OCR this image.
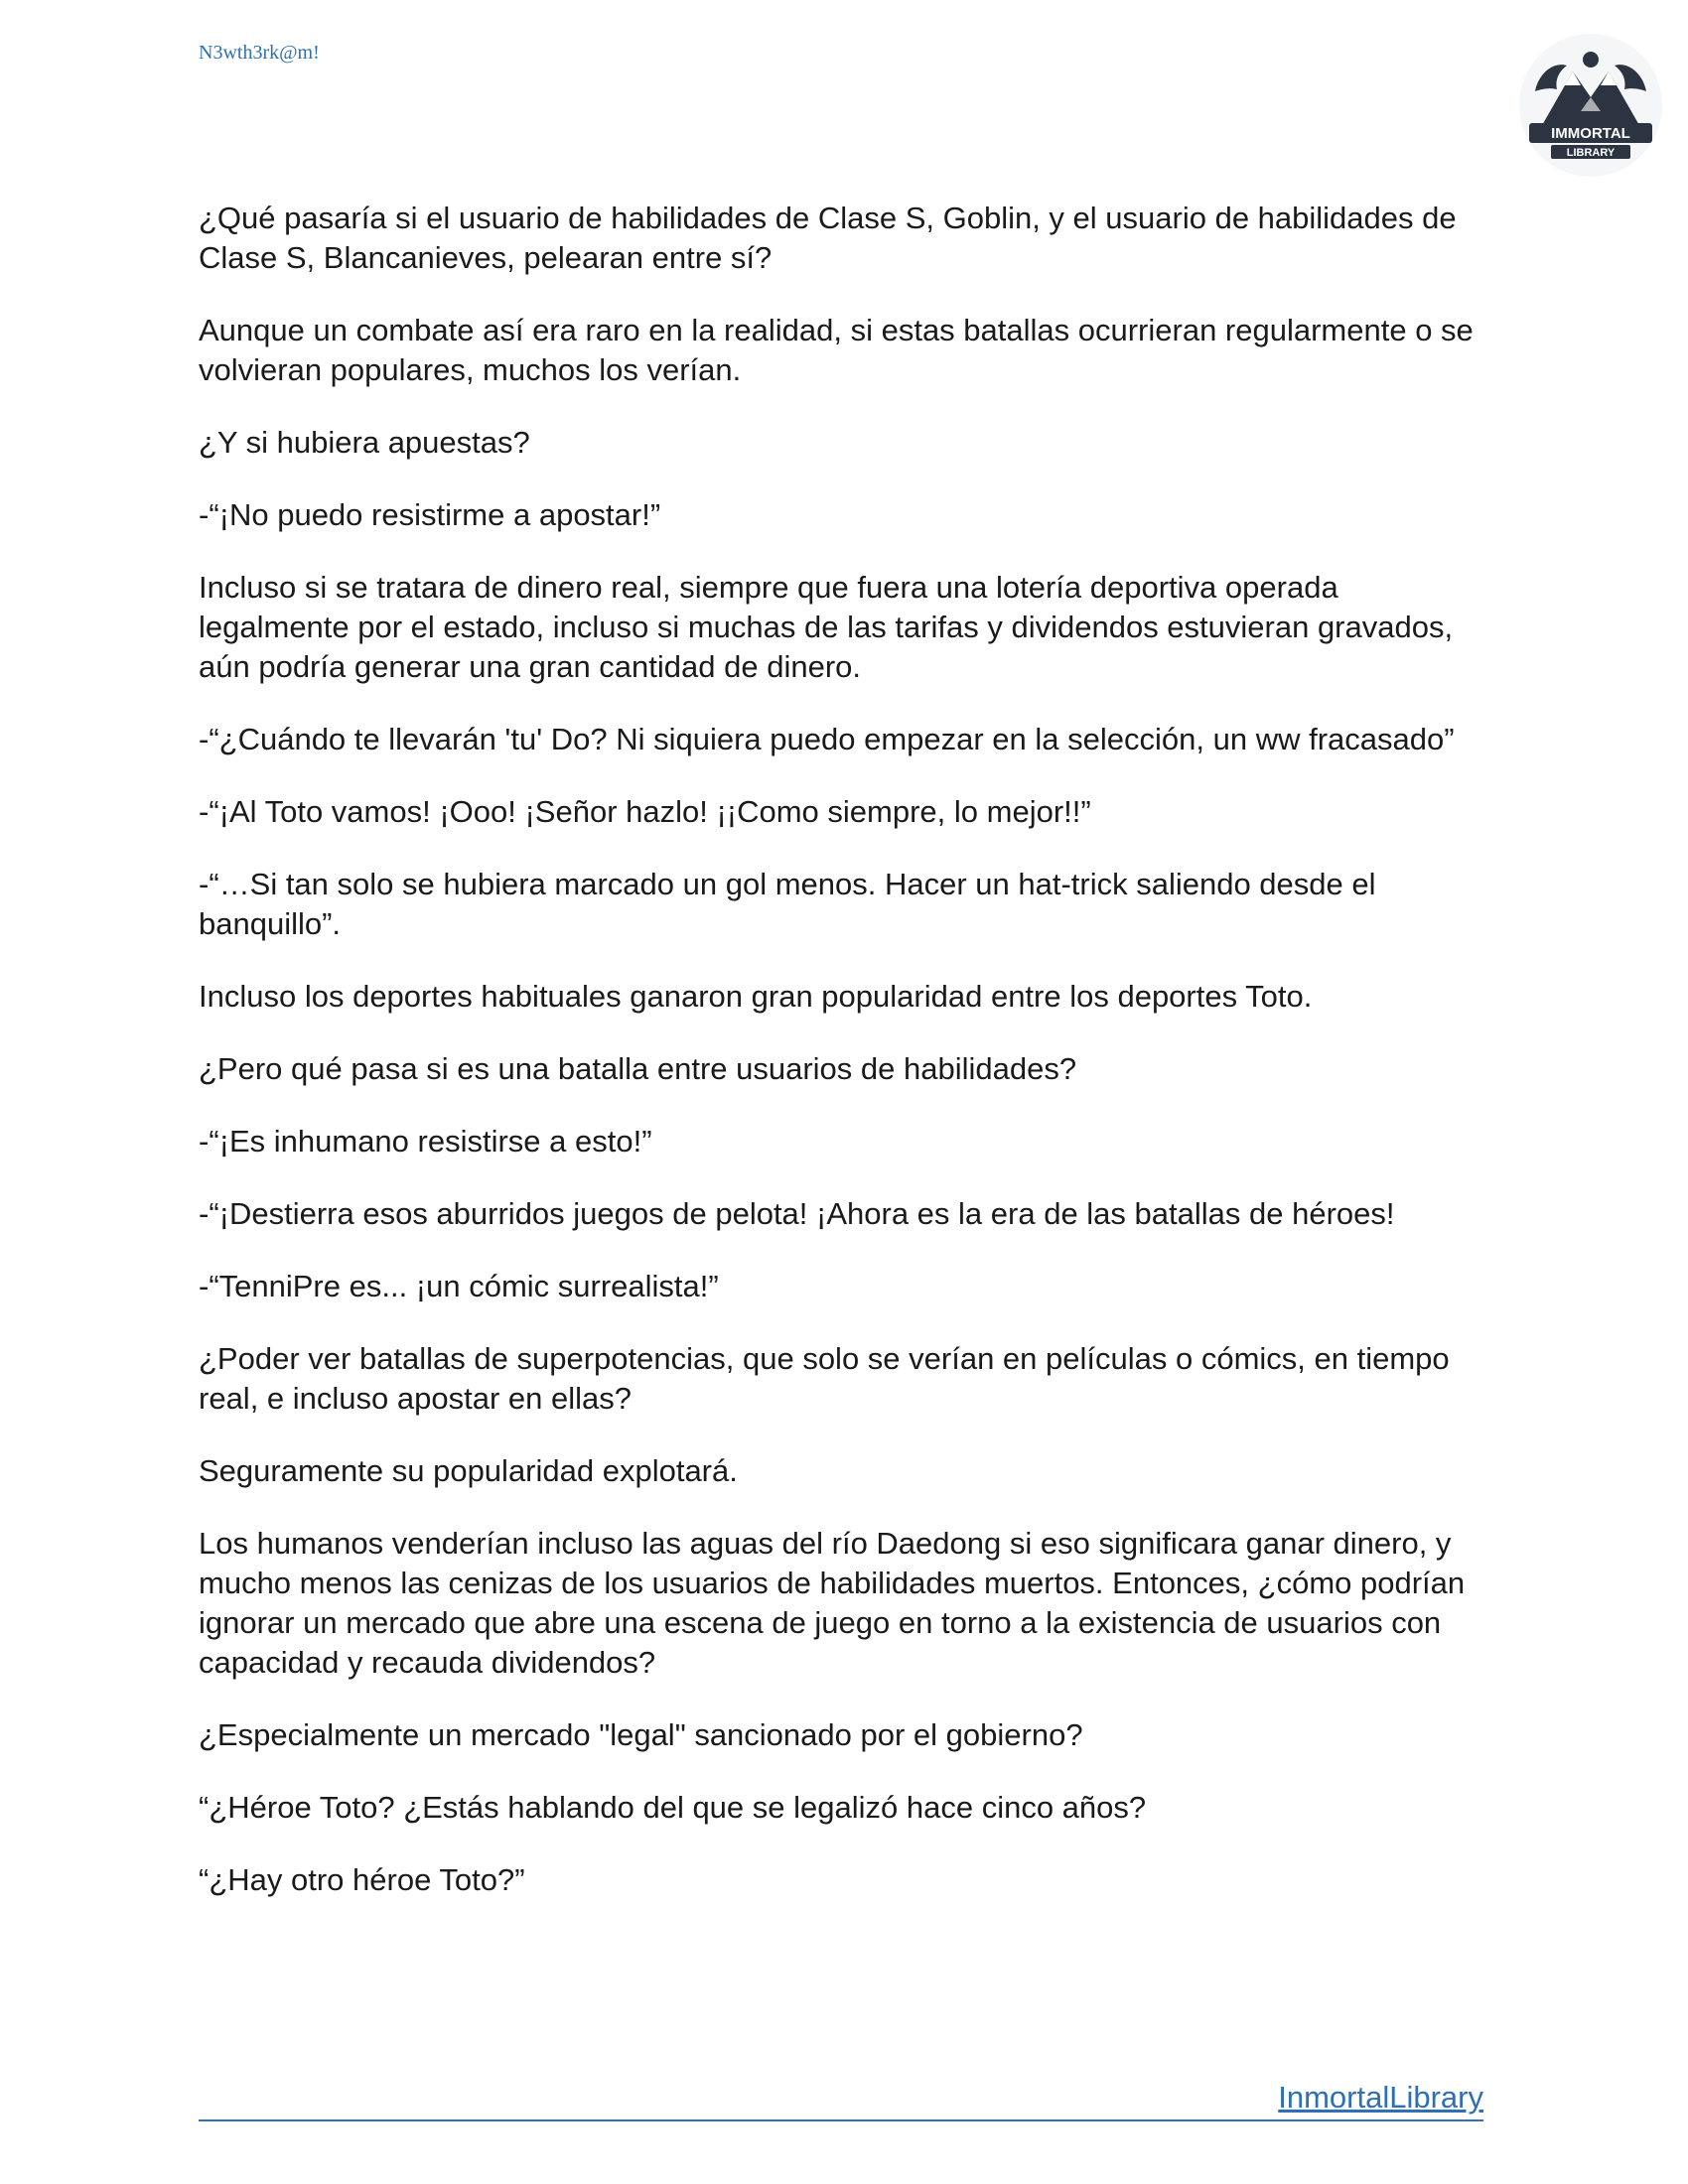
N3wth3rk@m!
IMMORTAL
LIBRARY

¿Qué pasaría si el usuario de habilidades de Clase S, Goblin, y el usuario de habilidades de Clase S, Blancanieves, pelearan entre sí?

Aunque un combate así era raro en la realidad, si estas batallas ocurrieran regularmente o se volvieran populares, muchos los verían.

¿Y si hubiera apuestas?

-“¡No puedo resistirme a apostar!”

Incluso si se tratara de dinero real, siempre que fuera una lotería deportiva operada legalmente por el estado, incluso si muchas de las tarifas y dividendos estuvieran gravados, aún podría generar una gran cantidad de dinero.

-“¿Cuándo te llevarán 'tu' Do? Ni siquiera puedo empezar en la selección, un ww fracasado”

-“¡Al Toto vamos! ¡Ooo! ¡Señor hazlo! ¡¡Como siempre, lo mejor!!”

-“…Si tan solo se hubiera marcado un gol menos. Hacer un hat-trick saliendo desde el banquillo”.

Incluso los deportes habituales ganaron gran popularidad entre los deportes Toto.

¿Pero qué pasa si es una batalla entre usuarios de habilidades?

-“¡Es inhumano resistirse a esto!”

-“¡Destierra esos aburridos juegos de pelota! ¡Ahora es la era de las batallas de héroes!

-“TenniPre es... ¡un cómic surrealista!”

¿Poder ver batallas de superpotencias, que solo se verían en películas o cómics, en tiempo real, e incluso apostar en ellas?

Seguramente su popularidad explotará.

Los humanos venderían incluso las aguas del río Daedong si eso significara ganar dinero, y mucho menos las cenizas de los usuarios de habilidades muertos. Entonces, ¿cómo podrían ignorar un mercado que abre una escena de juego en torno a la existencia de usuarios con capacidad y recauda dividendos?

¿Especialmente un mercado "legal" sancionado por el gobierno?

“¿Héroe Toto? ¿Estás hablando del que se legalizó hace cinco años?

“¿Hay otro héroe Toto?”

InmortalLibrary
